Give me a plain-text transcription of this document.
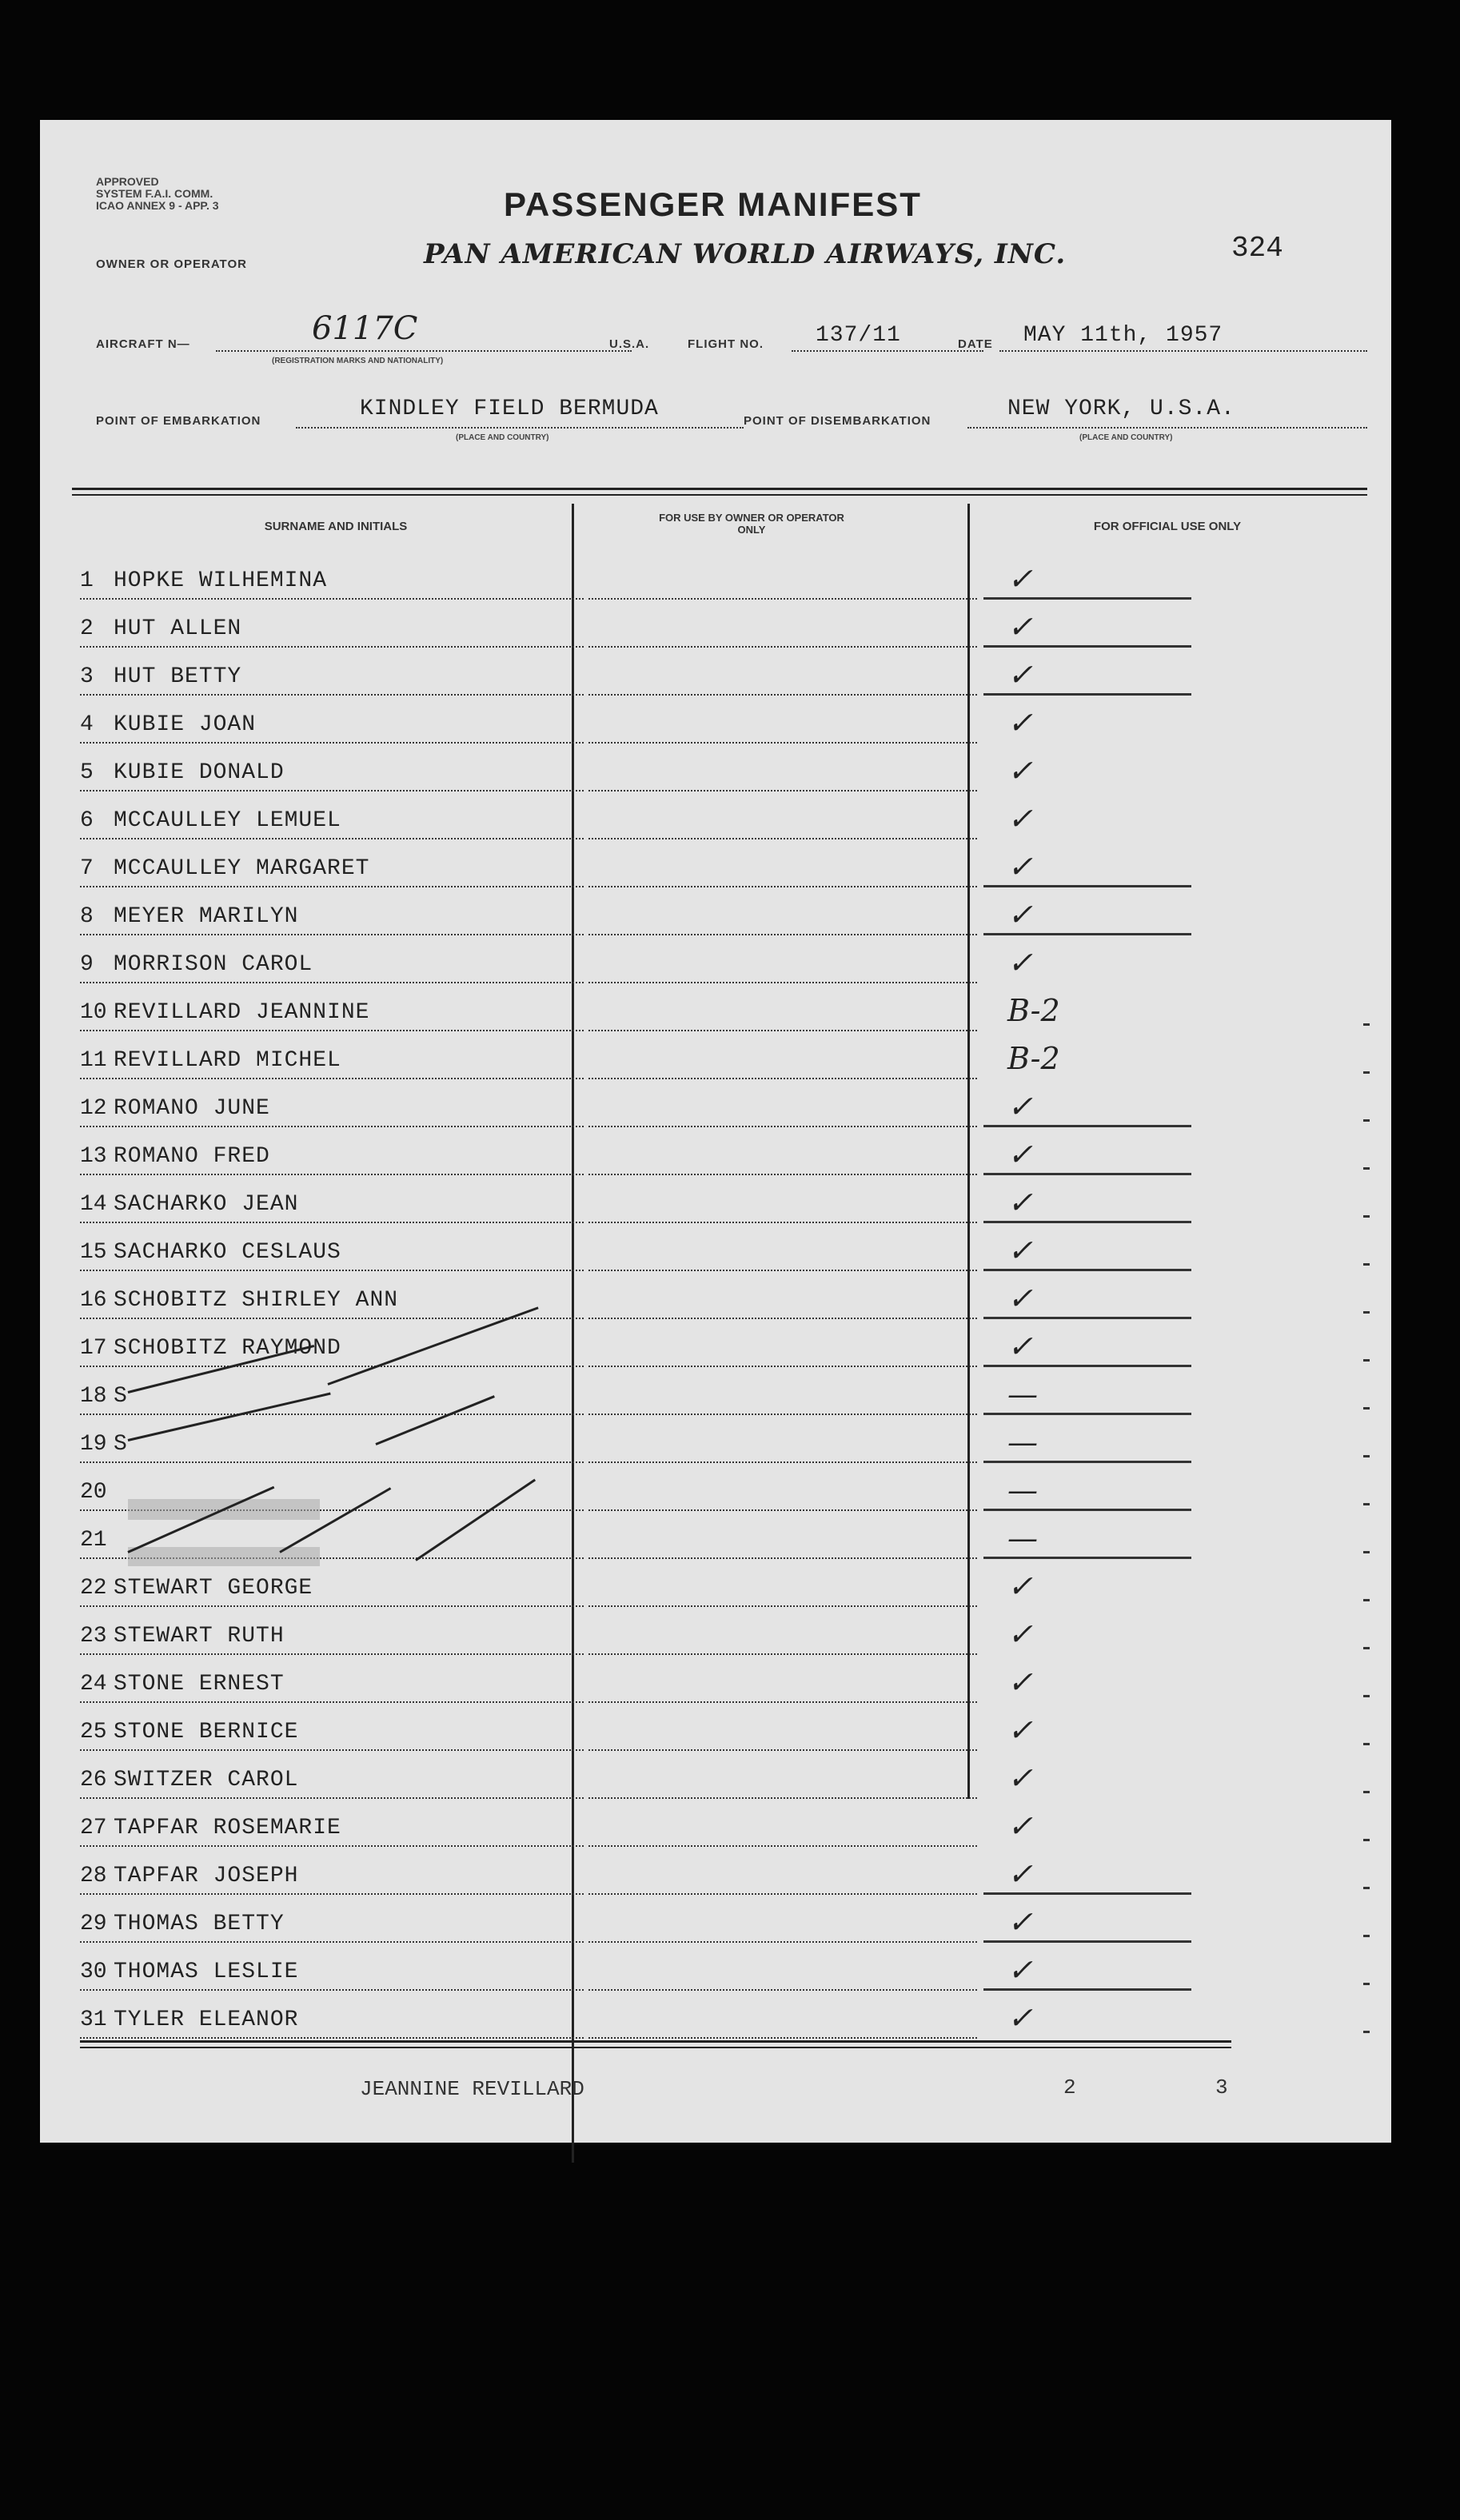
APPROVED
SYSTEM F.A.I. COMM.
ICAO ANNEX 9 - APP. 3	PASSENGER MANIFEST
PAN AMERICAN WORLD AIRWAYS, INC.	324
OWNER OR OPERATOR
AIRCRAFT N—	6117C
(REGISTRATION MARKS AND NATIONALITY)
U.S.A.	FLIGHT NO. 137/11	DATE MAY 11th, 1957
POINT OF EMBARKATION	KINDLEY FIELD BERMUDA
(PLACE AND COUNTRY)
POINT OF DISEMBARKATION	NEW YORK, U.S.A.
(PLACE AND COUNTRY)
SURNAME AND INITIALS
FOR USE BY OWNER OR OPERATOR ONLY	FOR OFFICIAL USE ONLY
1 HOPKE WILHEMINA	✓
2 HUT ALLEN	✓
3 HUT BETTY	✓
4 KUBIE JOAN	✓
5 KUBIE DONALD	✓
6 MCCAULLEY LEMUEL	✓
7 MCCAULLEY MARGARET	✓
8 MEYER MARILYN	✓
9 MORRISON CAROL	✓
10 REVILLARD JEANNINE	B-2
11 REVILLARD MICHEL	B-2
12 ROMANO JUNE	✓
13 ROMANO FRED	✓
14 SACHARKO JEAN	✓
15 SACHARKO CESLAUS	✓
16 SCHOBITZ SHIRLEY ANN	✓
17 SCHOBITZ RAYMOND	✓
18 S	—
19 S	—
20	—
21	—
22 STEWART GEORGE	✓
23 STEWART RUTH	✓
24 STONE ERNEST	✓
25 STONE BERNICE	✓
26 SWITZER CAROL	✓
27 TAPFAR ROSEMARIE	✓
28 TAPFAR JOSEPH	✓
29 THOMAS BETTY	✓
30 THOMAS LESLIE	✓
31 TYLER ELEANOR	✓
JEANNINE REVILLARD	2	3
